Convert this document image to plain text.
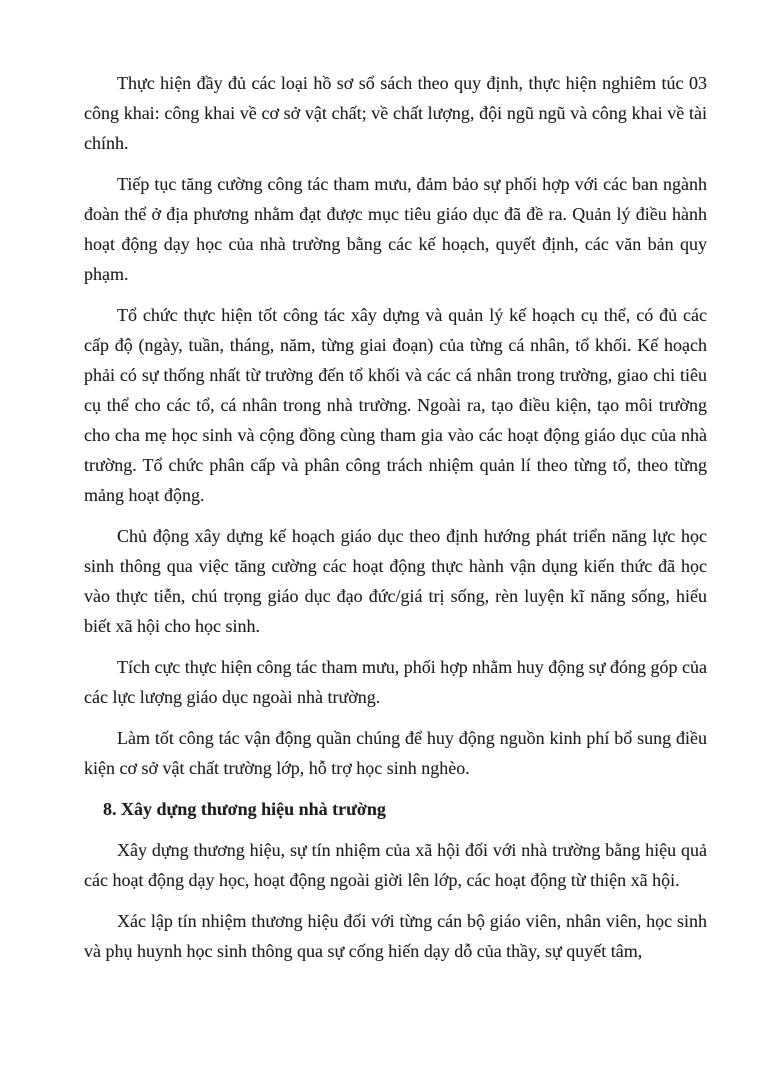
Thực hiện đầy đủ các loại hồ sơ sổ sách theo quy định, thực hiện nghiêm túc 03 công khai: công khai về cơ sở vật chất; về chất lượng, đội ngũ ngũ và công khai về tài chính.

Tiếp tục tăng cường công tác tham mưu, đảm bảo sự phối hợp với các ban ngành đoàn thể ở địa phương nhằm đạt được mục tiêu giáo dục đã đề ra. Quản lý điều hành hoạt động dạy học của nhà trường bằng các kế hoạch, quyết định, các văn bản quy phạm.

Tổ chức thực hiện tốt công tác xây dựng và quản lý kế hoạch cụ thể, có đủ các cấp độ (ngày, tuần, tháng, năm, từng giai đoạn) của từng cá nhân, tổ khối. Kế hoạch phải có sự thống nhất từ trường đến tổ khối và các cá nhân trong trường, giao chi tiêu cụ thể cho các tổ, cá nhân trong nhà trường. Ngoài ra, tạo điều kiện, tạo môi trường cho cha mẹ học sinh và cộng đồng cùng tham gia vào các hoạt động giáo dục của nhà trường. Tổ chức phân cấp và phân công trách nhiệm quản lí theo từng tổ, theo từng mảng hoạt động.

Chủ động xây dựng kế hoạch giáo dục theo định hướng phát triển năng lực học sinh thông qua việc tăng cường các hoạt động thực hành vận dụng kiến thức đã học vào thực tiễn, chú trọng giáo dục đạo đức/giá trị sống, rèn luyện kĩ năng sống, hiểu biết xã hội cho học sinh.

Tích cực thực hiện công tác tham mưu, phối hợp nhằm huy động sự đóng góp của các lực lượng giáo dục ngoài nhà trường.

Làm tốt công tác vận động quần chúng để huy động nguồn kinh phí bổ sung điều kiện cơ sở vật chất trường lớp, hỗ trợ học sinh nghèo.

8. Xây dựng thương hiệu nhà trường

Xây dựng thương hiệu, sự tín nhiệm của xã hội đối với nhà trường bằng hiệu quả các hoạt động dạy học, hoạt động ngoài giời lên lớp, các hoạt động từ thiện xã hội.

Xác lập tín nhiệm thương hiệu đối với từng cán bộ giáo viên, nhân viên, học sinh và phụ huynh học sinh thông qua sự cống hiến dạy dỗ của thầy, sự quyết tâm,
